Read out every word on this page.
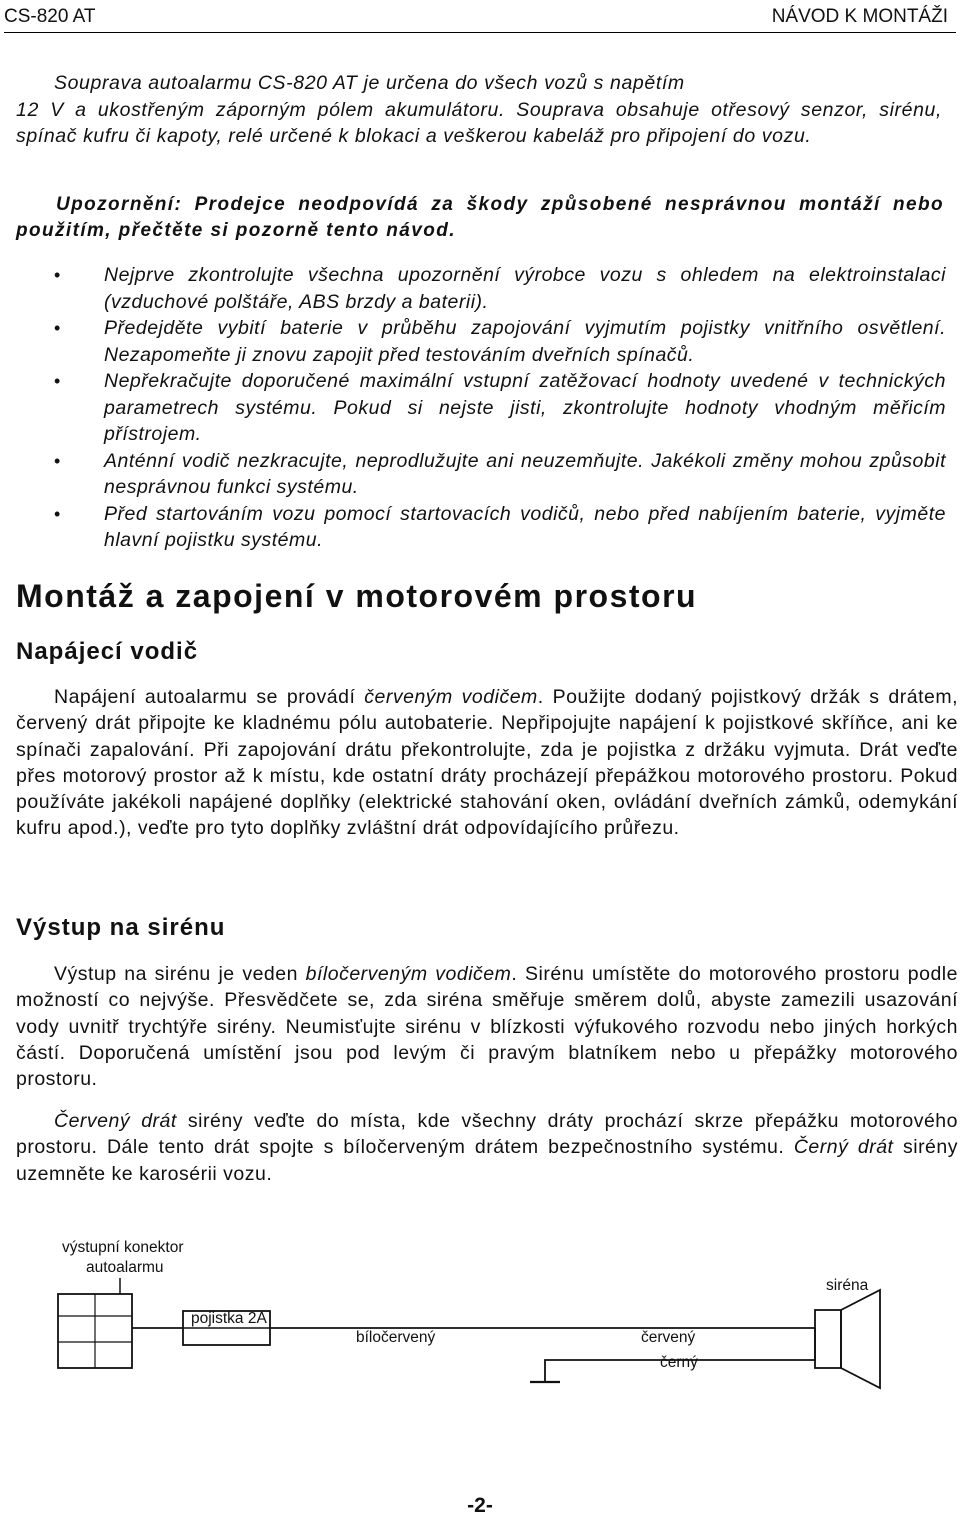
CS-820 AT	NÁVOD K MONTÁŽI

Souprava autoalarmu CS-820 AT je určena do všech vozů s napětím
12 V a ukostřeným záporným pólem akumulátoru. Souprava obsahuje otřesový senzor, sirénu, spínač kufru či kapoty, relé určené k blokaci a veškerou kabeláž pro připojení do vozu.

Upozornění: Prodejce neodpovídá za škody způsobené nesprávnou montáží nebo použitím, přečtěte si pozorně tento návod.

• Nejprve zkontrolujte všechna upozornění výrobce vozu s ohledem na elektroinstalaci (vzduchové polštáře, ABS brzdy a baterii).
• Předejděte vybití baterie v průběhu zapojování vyjmutím pojistky vnitřního osvětlení. Nezapomeňte ji znovu zapojit před testováním dveřních spínačů.
• Nepřekračujte doporučené maximální vstupní zatěžovací hodnoty uvedené v technických parametrech systému. Pokud si nejste jisti, zkontrolujte hodnoty vhodným měřicím přístrojem.
• Anténní vodič nezkracujte, neprodlužujte ani neuzemňujte. Jakékoli změny mohou způsobit nesprávnou funkci systému.
• Před startováním vozu pomocí startovacích vodičů, nebo před nabíjením baterie, vyjměte hlavní pojistku systému.
Montáž a zapojení v motorovém prostoru
Napájecí vodič

Napájení autoalarmu se provádí červeným vodičem. Použijte dodaný pojistkový držák s drátem, červený drát připojte ke kladnému pólu autobaterie. Nepřipojujte napájení k pojistkové skříňce, ani ke spínači zapalování. Při zapojování drátu překontrolujte, zda je pojistka z držáku vyjmuta. Drát veďte přes motorový prostor až k místu, kde ostatní dráty procházejí přepážkou motorového prostoru. Pokud používáte jakékoli napájené doplňky (elektrické stahování oken, ovládání dveřních zámků, odemykání kufru apod.), veďte pro tyto doplňky zvláštní drát odpovídajícího průřezu.

Výstup na sirénu

Výstup na sirénu je veden bíločerveným vodičem. Sirénu umístěte do motorového prostoru podle možností co nejvýše. Přesvědčete se, zda siréna směřuje směrem dolů, abyste zamezili usazování vody uvnitř trychtýře sirény. Neumisťujte sirénu v blízkosti výfukového rozvodu nebo jiných horkých částí. Doporučená umístění jsou pod levým či pravým blatníkem nebo u přepážky motorového prostoru.

Červený drát sirény veďte do místa, kde všechny dráty prochází skrze přepážku motorového prostoru. Dále tento drát spojte s bíločerveným drátem bezpečnostního systému. Černý drát sirény uzemněte ke karosérii vozu.

výstupní konektor
autoalarmu
pojistka 2A
bíločervený	červený
černý
siréna
-2-
